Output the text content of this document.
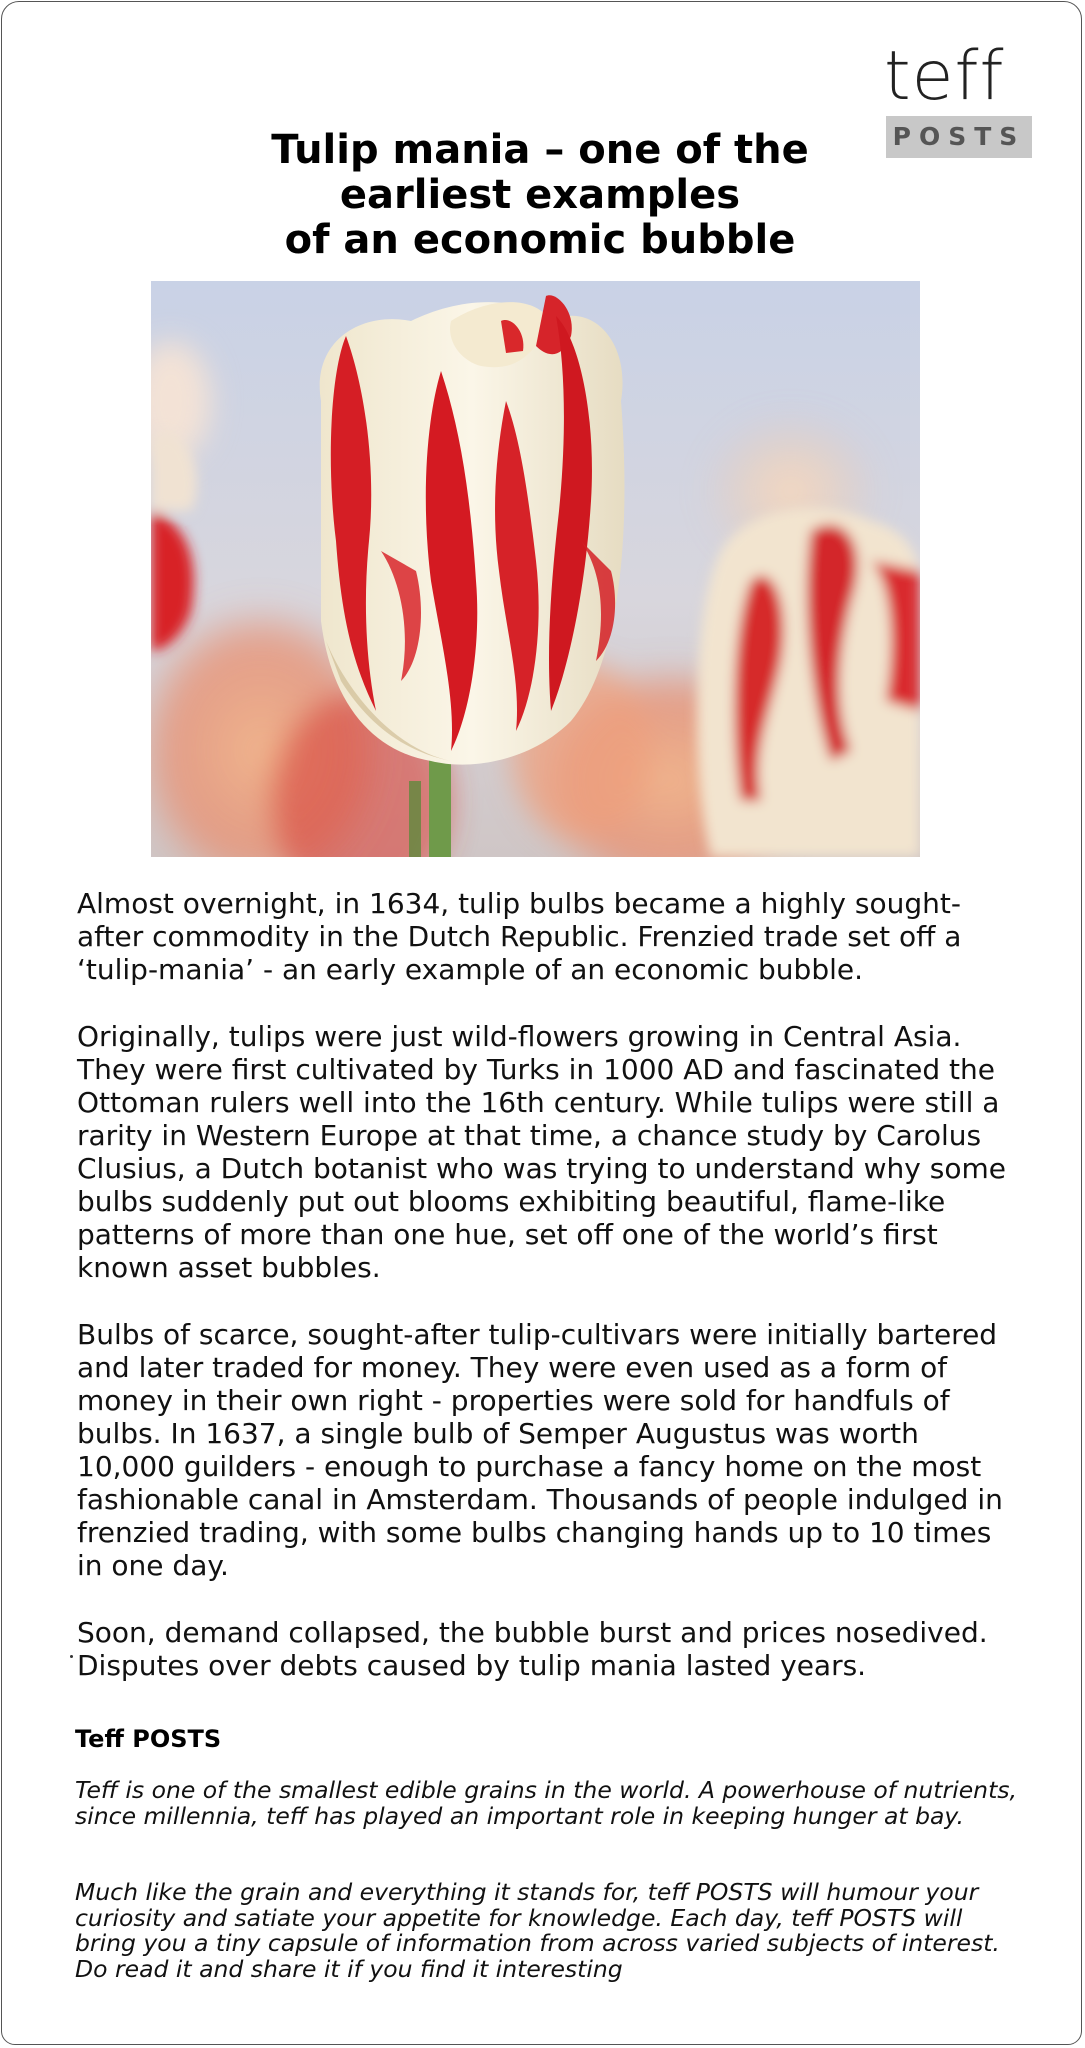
teff
POSTS
Tulip mania – one of the
earliest examples
of an economic bubble
Almost overnight, in 1634, tulip bulbs became a highly sought-after commodity in the Dutch Republic. Frenzied trade set off a ‘tulip-mania’ - an early example of an economic bubble.
Originally, tulips were just wild-flowers growing in Central Asia. They were first cultivated by Turks in 1000 AD and fascinated the Ottoman rulers well into the 16th century. While tulips were still a rarity in Western Europe at that time, a chance study by Carolus Clusius, a Dutch botanist who was trying to understand why some bulbs suddenly put out blooms exhibiting beautiful, flame-like patterns of more than one hue, set off one of the world’s first known asset bubbles.
Bulbs of scarce, sought-after tulip-cultivars were initially bartered and later traded for money. They were even used as a form of money in their own right - properties were sold for handfuls of bulbs. In 1637, a single bulb of Semper Augustus was worth 10,000 guilders - enough to purchase a fancy home on the most fashionable canal in Amsterdam. Thousands of people indulged in frenzied trading, with some bulbs changing hands up to 10 times in one day.
Soon, demand collapsed, the bubble burst and prices nosedived. Disputes over debts caused by tulip mania lasted years.
Teff POSTS
Teff is one of the smallest edible grains in the world. A powerhouse of nutrients, since millennia, teff has played an important role in keeping hunger at bay.
Much like the grain and everything it stands for, teff POSTS will humour your curiosity and satiate your appetite for knowledge. Each day, teff POSTS will bring you a tiny capsule of information from across varied subjects of interest. Do read it and share it if you find it interesting
